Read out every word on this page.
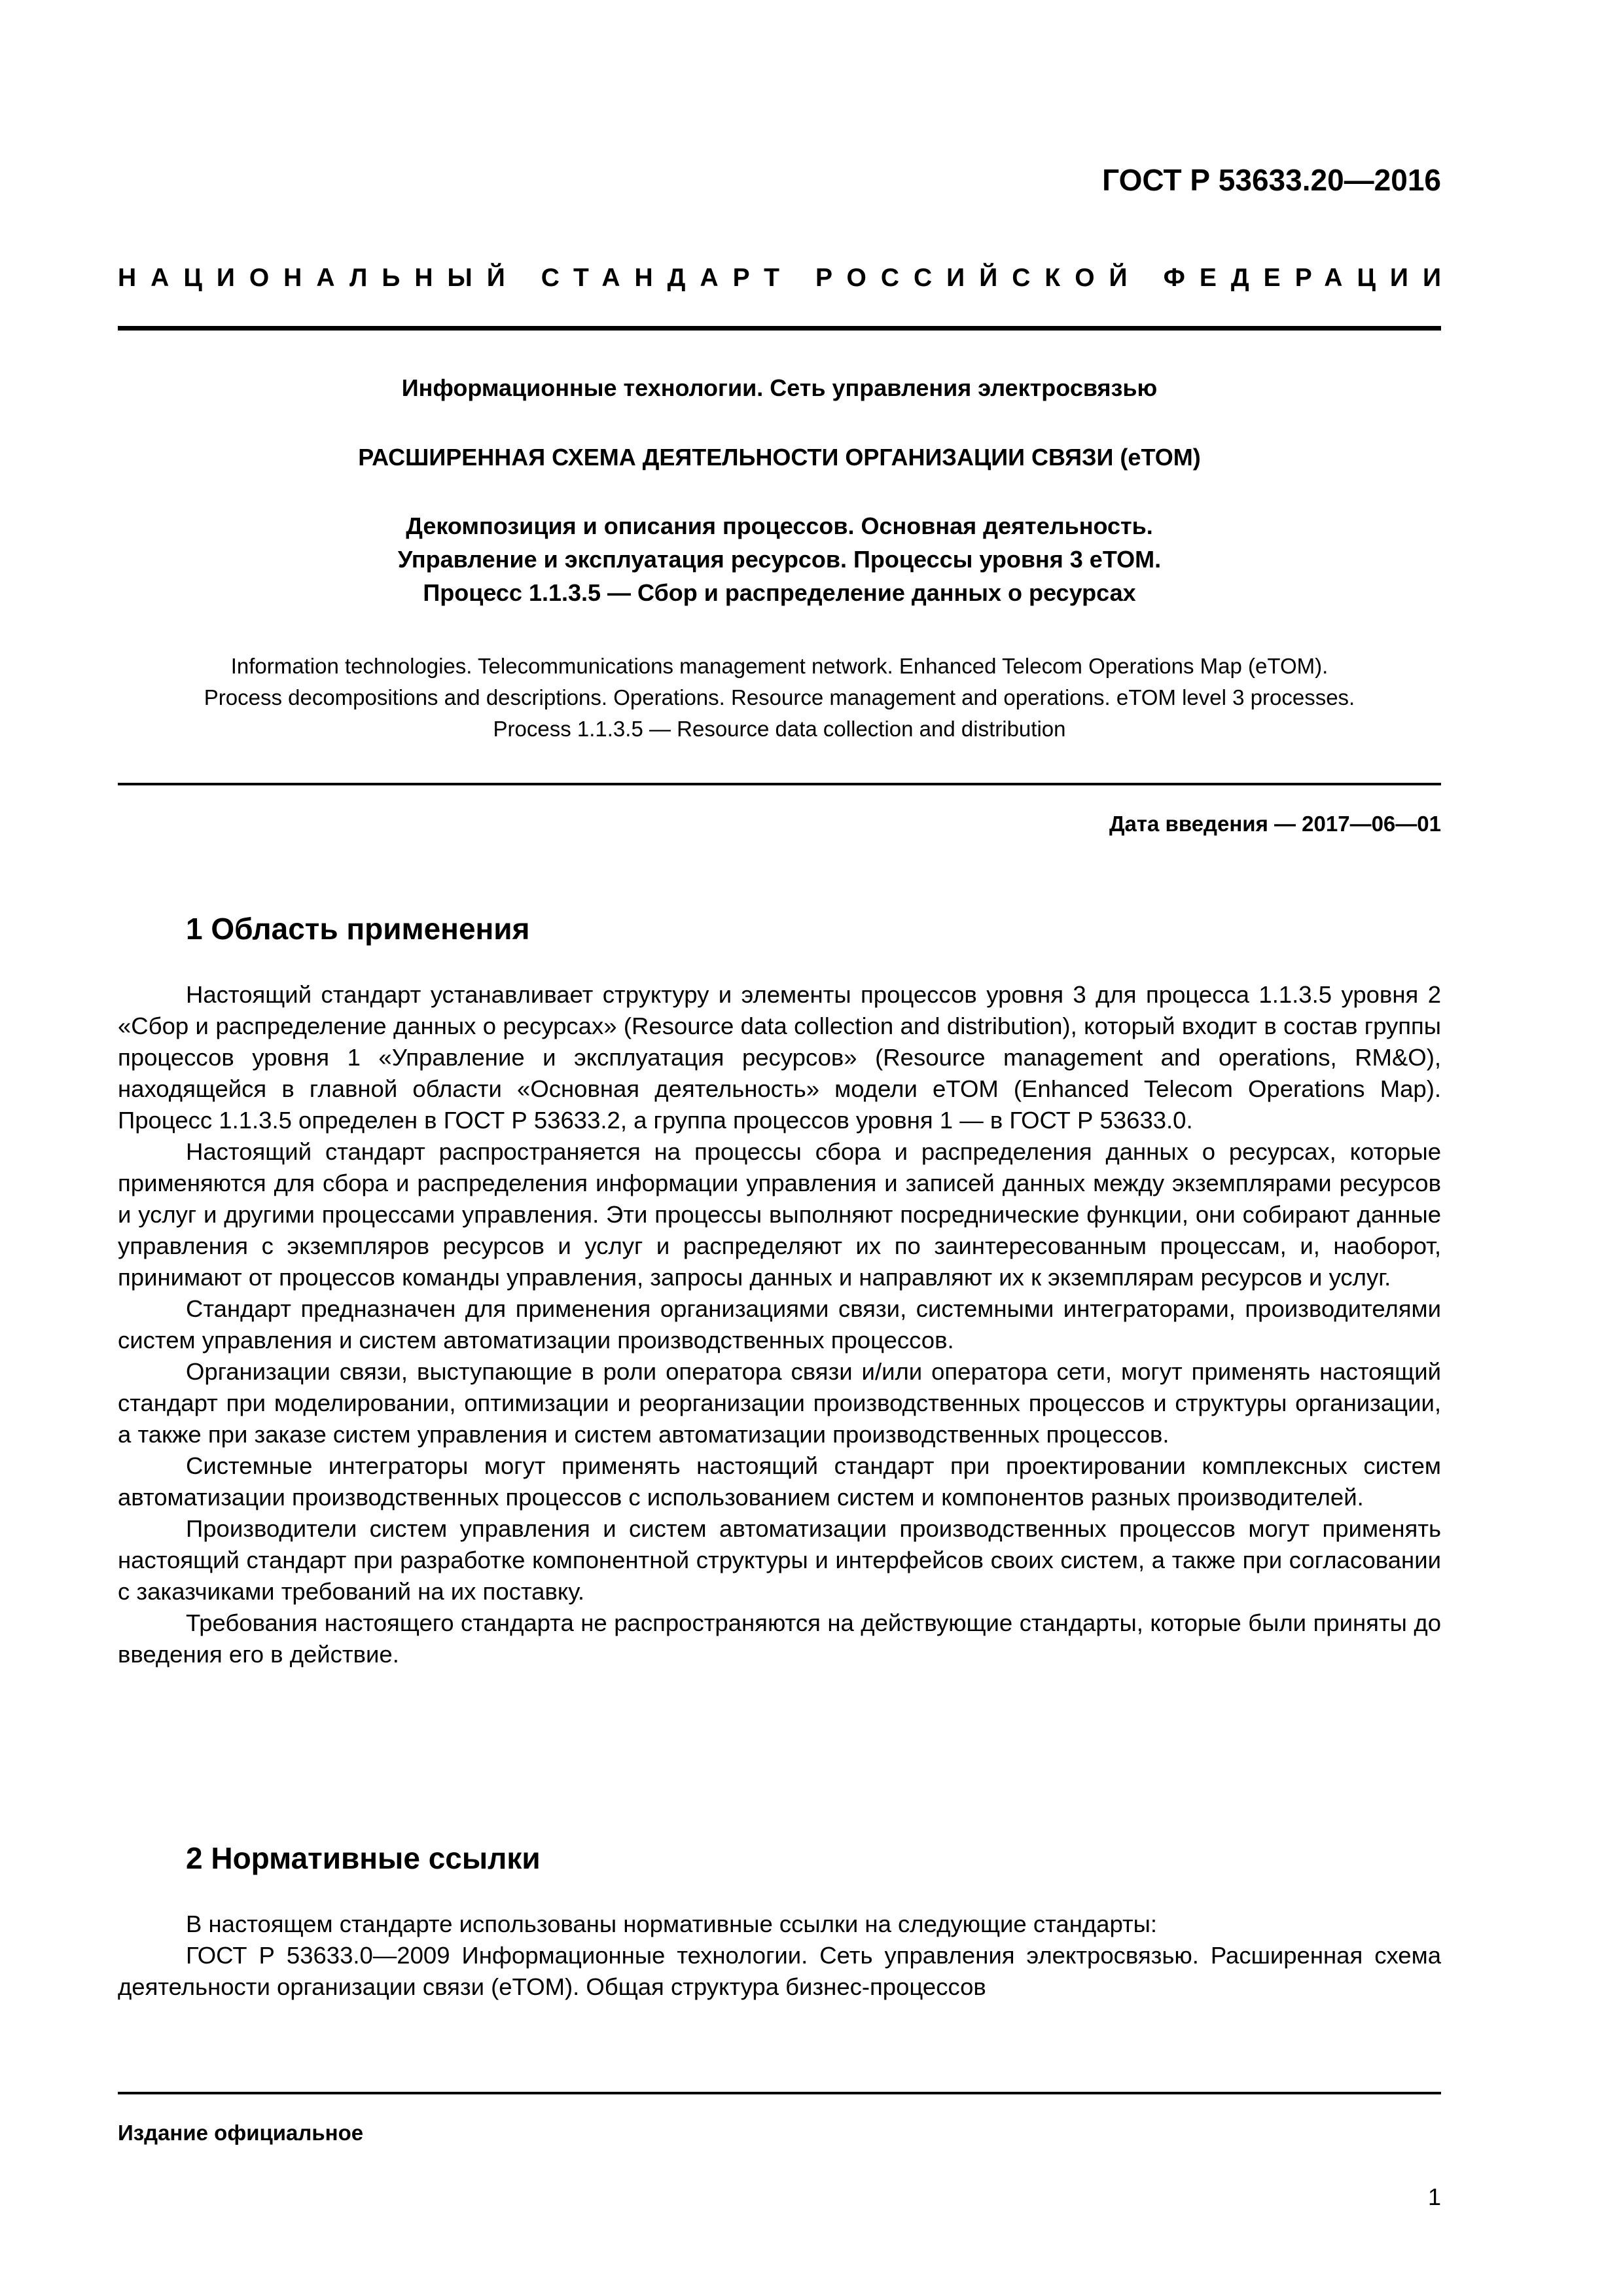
ГОСТ Р 53633.20—2016
НАЦИОНАЛЬНЫЙ СТАНДАРТ РОССИЙСКОЙ ФЕДЕРАЦИИ
Информационные технологии. Сеть управления электросвязью
РАСШИРЕННАЯ СХЕМА ДЕЯТЕЛЬНОСТИ ОРГАНИЗАЦИИ СВЯЗИ (eTOM)
Декомпозиция и описания процессов. Основная деятельность.
Управление и эксплуатация ресурсов. Процессы уровня 3 eTOM.
Процесс 1.1.3.5 — Сбор и распределение данных о ресурсах
Information technologies. Telecommunications management network. Enhanced Telecom Operations Map (eTOM).
Process decompositions and descriptions. Operations. Resource management and operations. eTOM level 3 processes.
Process 1.1.3.5 — Resource data collection and distribution
Дата введения — 2017—06—01
1 Область применения

Настоящий стандарт устанавливает структуру и элементы процессов уровня 3 для процесса 1.1.3.5 уровня 2 «Сбор и распределение данных о ресурсах» (Resource data collection and distribution), который входит в состав группы процессов уровня 1 «Управление и эксплуатация ресурсов» (Resource management and operations, RM&O), находящейся в главной области «Основная деятельность» модели eTOM (Enhanced Telecom Operations Map). Процесс 1.1.3.5 определен в ГОСТ Р 53633.2, а группа процессов уровня 1 — в ГОСТ Р 53633.0.

Настоящий стандарт распространяется на процессы сбора и распределения данных о ресурсах, которые применяются для сбора и распределения информации управления и записей данных между экземплярами ресурсов и услуг и другими процессами управления. Эти процессы выполняют посреднические функции, они собирают данные управления с экземпляров ресурсов и услуг и распределяют их по заинтересованным процессам, и, наоборот, принимают от процессов команды управления, запросы данных и направляют их к экземплярам ресурсов и услуг.

Стандарт предназначен для применения организациями связи, системными интеграторами, производителями систем управления и систем автоматизации производственных процессов.

Организации связи, выступающие в роли оператора связи и/или оператора сети, могут применять настоящий стандарт при моделировании, оптимизации и реорганизации производственных процессов и структуры организации, а также при заказе систем управления и систем автоматизации производственных процессов.

Системные интеграторы могут применять настоящий стандарт при проектировании комплексных систем автоматизации производственных процессов с использованием систем и компонентов разных производителей.

Производители систем управления и систем автоматизации производственных процессов могут применять настоящий стандарт при разработке компонентной структуры и интерфейсов своих систем, а также при согласовании с заказчиками требований на их поставку.

Требования настоящего стандарта не распространяются на действующие стандарты, которые были приняты до введения его в действие.

2 Нормативные ссылки

В настоящем стандарте использованы нормативные ссылки на следующие стандарты:

ГОСТ Р 53633.0—2009 Информационные технологии. Сеть управления электросвязью. Расширенная схема деятельности организации связи (eTOM). Общая структура бизнес-процессов

Издание официальное
1
